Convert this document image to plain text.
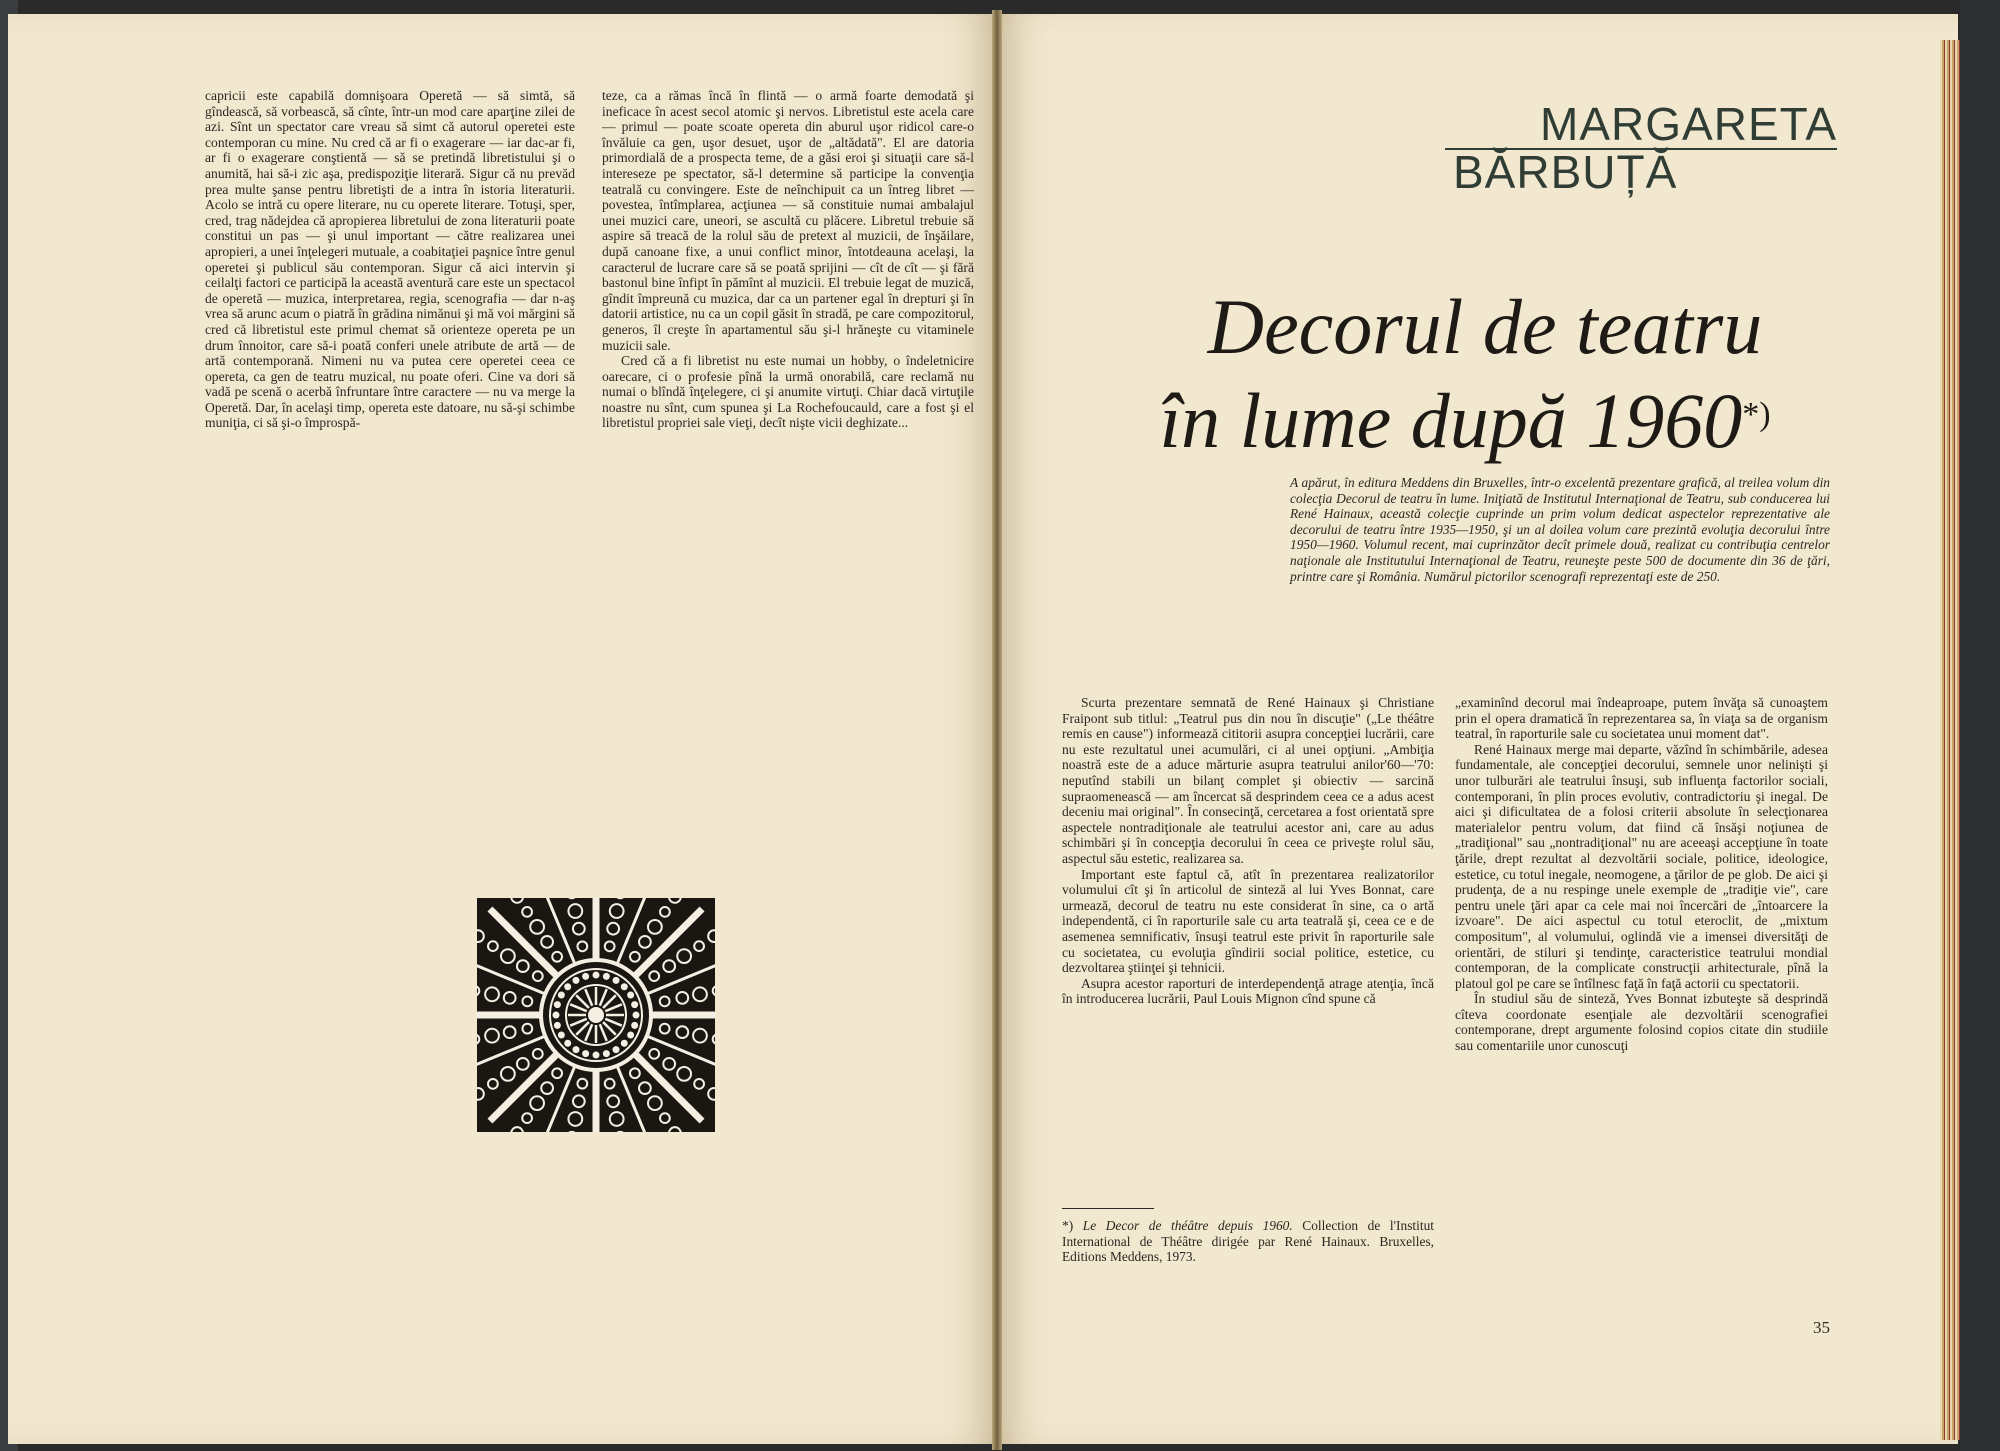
capricii este capabilă domnişoara Operetă — să simtă, să gîndească, să vorbească, să cînte, într-un mod care aparţine zilei de azi. Sînt un spectator care vreau să simt că autorul operetei este contemporan cu mine. Nu cred că ar fi o exagerare — iar dac-ar fi, ar fi o exagerare conştientă — să se pretindă libretistului şi o anumită, hai să-i zic aşa, predispoziţie literară. Sigur că nu prevăd prea multe şanse pentru libretişti de a intra în istoria literaturii. Acolo se intră cu opere literare, nu cu operete literare. Totuşi, sper, cred, trag nădejdea că apropierea libretului de zona literaturii poate constitui un pas — şi unul important — către realizarea unei apropieri, a unei înţelegeri mutuale, a coabitaţiei paşnice între genul operetei şi publicul său contemporan. Sigur că aici intervin şi ceilalţi factori ce participă la această aventură care este un spectacol de operetă — muzica, interpretarea, regia, scenografia — dar n-aş vrea să arunc acum o piatră în grădina nimănui şi mă voi mărgini să cred că libretistul este primul chemat să orienteze opereta pe un drum înnoitor, care să-i poată conferi unele atribute de artă — de artă contemporană. Nimeni nu va putea cere operetei ceea ce opereta, ca gen de teatru muzical, nu poate oferi. Cine va dori să vadă pe scenă o acerbă înfruntare între caractere — nu va merge la Operetă. Dar, în acelaşi timp, opereta este datoare, nu să-şi schimbe muniţia, ci să şi-o împrospă-

teze, ca a rămas încă în flintă — o armă foarte demodată şi ineficace în acest secol atomic şi nervos. Libretistul este acela care — primul — poate scoate opereta din aburul uşor ridicol care-o învăluie ca gen, uşor desuet, uşor de „altădată". El are datoria primordială de a prospecta teme, de a găsi eroi şi situaţii care să-l intereseze pe spectator, să-l determine să participe la convenţia teatrală cu convingere. Este de neînchipuit ca un întreg libret — povestea, întîmplarea, acţiunea — să constituie numai ambalajul unei muzici care, uneori, se ascultă cu plăcere. Libretul trebuie să aspire să treacă de la rolul său de pretext al muzicii, de înşăilare, după canoane fixe, a unui conflict minor, întotdeauna acelaşi, la caracterul de lucrare care să se poată sprijini — cît de cît — şi fără bastonul bine înfipt în pămînt al muzicii. El trebuie legat de muzică, gîndit împreună cu muzica, dar ca un partener egal în drepturi şi în datorii artistice, nu ca un copil găsit în stradă, pe care compozitorul, generos, îl creşte în apartamentul său şi-l hrăneşte cu vitaminele muzicii sale.

Cred că a fi libretist nu este numai un hobby, o îndeletnicire oarecare, ci o profesie pînă la urmă onorabilă, care reclamă nu numai o blîndă înţelegere, ci şi anumite virtuţi. Chiar dacă virtuţile noastre nu sînt, cum spunea şi La Rochefoucauld, care a fost şi el libretistul propriei sale vieţi, decît nişte vicii deghizate...

MARGARETA
BĂRBUȚĂ
Decorul de teatru
în lume după 1960*)
A apărut, în editura Meddens din Bruxelles, într-o excelentă prezentare grafică, al treilea volum din colecţia Decorul de teatru în lume. Iniţiată de Institutul Internaţional de Teatru, sub conducerea lui René Hainaux, această colecţie cuprinde un prim volum dedicat aspectelor reprezentative ale decorului de teatru între 1935—1950, şi un al doilea volum care prezintă evoluţia decorului între 1950—1960. Volumul recent, mai cuprinzător decît primele două, realizat cu contribuţia centrelor naţionale ale Institutului Internaţional de Teatru, reuneşte peste 500 de documente din 36 de ţări, printre care şi România. Numărul pictorilor scenografi reprezentaţi este de 250.

Scurta prezentare semnată de René Hainaux şi Christiane Fraipont sub titlul: „Teatrul pus din nou în discuţie" („Le théâtre remis en cause") informează cititorii asupra concepţiei lucrării, care nu este rezultatul unei acumulări, ci al unei opţiuni. „Ambiţia noastră este de a aduce mărturie asupra teatrului anilor'60—'70: neputînd stabili un bilanţ complet şi obiectiv — sarcină supraomenească — am încercat să desprindem ceea ce a adus acest deceniu mai original". În consecinţă, cercetarea a fost orientată spre aspectele nontradiţionale ale teatrului acestor ani, care au adus schimbări şi în concepţia decorului în ceea ce priveşte rolul său, aspectul său estetic, realizarea sa.

Important este faptul că, atît în prezentarea realizatorilor volumului cît şi în articolul de sinteză al lui Yves Bonnat, care urmează, decorul de teatru nu este considerat în sine, ca o artă independentă, ci în raporturile sale cu arta teatrală şi, ceea ce e de asemenea semnificativ, însuşi teatrul este privit în raporturile sale cu societatea, cu evoluţia gîndirii social politice, estetice, cu dezvoltarea ştiinţei şi tehnicii.

Asupra acestor raporturi de interdependenţă atrage atenţia, încă în introducerea lucrării, Paul Louis Mignon cînd spune că

„examinînd decorul mai îndeaproape, putem învăţa să cunoaştem prin el opera dramatică în reprezentarea sa, în viaţa sa de organism teatral, în raporturile sale cu societatea unui moment dat".

René Hainaux merge mai departe, văzînd în schimbările, adesea fundamentale, ale concepţiei decorului, semnele unor nelinişti şi unor tulburări ale teatrului însuşi, sub influenţa factorilor sociali, contemporani, în plin proces evolutiv, contradictoriu şi inegal. De aici şi dificultatea de a folosi criterii absolute în selecţionarea materialelor pentru volum, dat fiind că însăşi noţiunea de „tradiţional" sau „nontradiţional" nu are aceeaşi accepţiune în toate ţările, drept rezultat al dezvoltării sociale, politice, ideologice, estetice, cu totul inegale, neomogene, a ţărilor de pe glob. De aici şi prudenţa, de a nu respinge unele exemple de „tradiţie vie", care pentru unele ţări apar ca cele mai noi încercări de „întoarcere la izvoare". De aici aspectul cu totul eteroclit, de „mixtum compositum", al volumului, oglindă vie a imensei diversităţi de orientări, de stiluri şi tendinţe, caracteristice teatrului mondial contemporan, de la complicate construcţii arhitecturale, pînă la platoul gol pe care se întîlnesc faţă în faţă actorii cu spectatorii.

În studiul său de sinteză, Yves Bonnat izbuteşte să desprindă cîteva coordonate esenţiale ale dezvoltării scenografiei contemporane, drept argumente folosind copios citate din studiile sau comentariile unor cunoscuţi

*) Le Decor de théâtre depuis 1960. Collection de l'Institut International de Théâtre dirigée par René Hainaux. Bruxelles, Editions Meddens, 1973.
35
